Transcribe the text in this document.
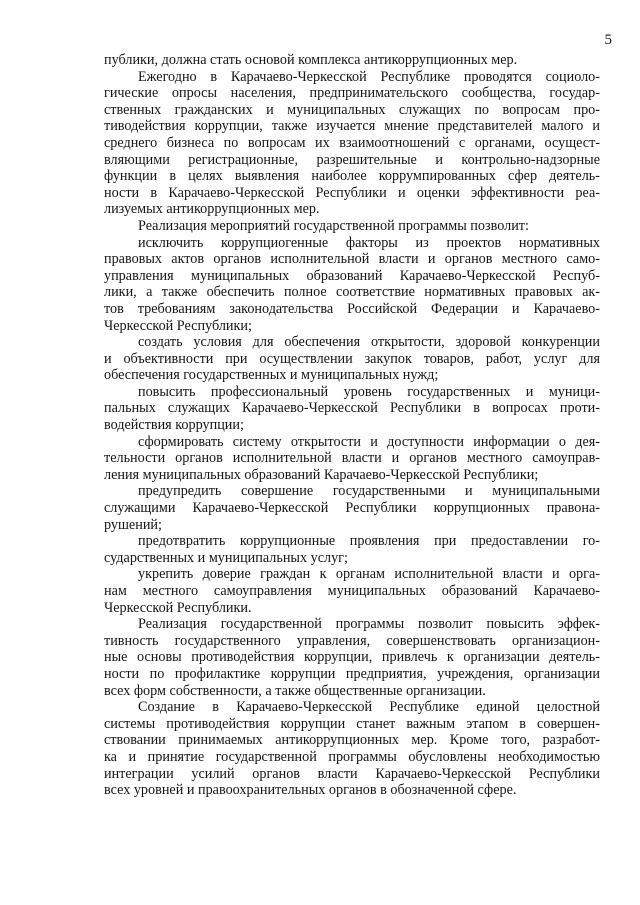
5
публики, должна стать основой комплекса антикоррупционных мер.
Ежегодно в Карачаево-Черкесской Республике проводятся социоло-
гические опросы населения, предпринимательского сообщества, государ-
ственных гражданских и муниципальных служащих по вопросам про-
тиводействия коррупции, также изучается мнение представителей малого и
среднего бизнеса по вопросам их взаимоотношений с органами, осущест-
вляющими регистрационные, разрешительные и контрольно-надзорные
функции в целях выявления наиболее коррумпированных сфер деятель-
ности в Карачаево-Черкесской Республики и оценки эффективности реа-
лизуемых антикоррупционных мер.
Реализация мероприятий государственной программы позволит:
исключить коррупциогенные факторы из проектов нормативных
правовых актов органов исполнительной власти и органов местного само-
управления муниципальных образований Карачаево-Черкесской Респуб-
лики, а также обеспечить полное соответствие нормативных правовых ак-
тов требованиям законодательства Российской Федерации и Карачаево-
Черкесской Республики;
создать условия для обеспечения открытости, здоровой конкуренции
и объективности при осуществлении закупок товаров, работ, услуг для
обеспечения государственных и муниципальных нужд;
повысить профессиональный уровень государственных и муници-
пальных служащих Карачаево-Черкесской Республики в вопросах проти-
водействия коррупции;
сформировать систему открытости и доступности информации о дея-
тельности органов исполнительной власти и органов местного самоуправ-
ления муниципальных образований Карачаево-Черкесской Республики;
предупредить совершение государственными и муниципальными
служащими Карачаево-Черкесской Республики коррупционных правона-
рушений;
предотвратить коррупционные проявления при предоставлении го-
сударственных и муниципальных услуг;
укрепить доверие граждан к органам исполнительной власти и орга-
нам местного самоуправления муниципальных образований Карачаево-
Черкесской Республики.
Реализация государственной программы позволит повысить эффек-
тивность государственного управления, совершенствовать организацион-
ные основы противодействия коррупции, привлечь к организации деятель-
ности по профилактике коррупции предприятия, учреждения, организации
всех форм собственности, а также общественные организации.
Создание в Карачаево-Черкесской Республике единой целостной
системы противодействия коррупции станет важным этапом в совершен-
ствовании принимаемых антикоррупционных мер. Кроме того, разработ-
ка и принятие государственной программы обусловлены необходимостью
интеграции усилий органов власти Карачаево-Черкесской Республики
всех уровней и правоохранительных органов в обозначенной сфере.
